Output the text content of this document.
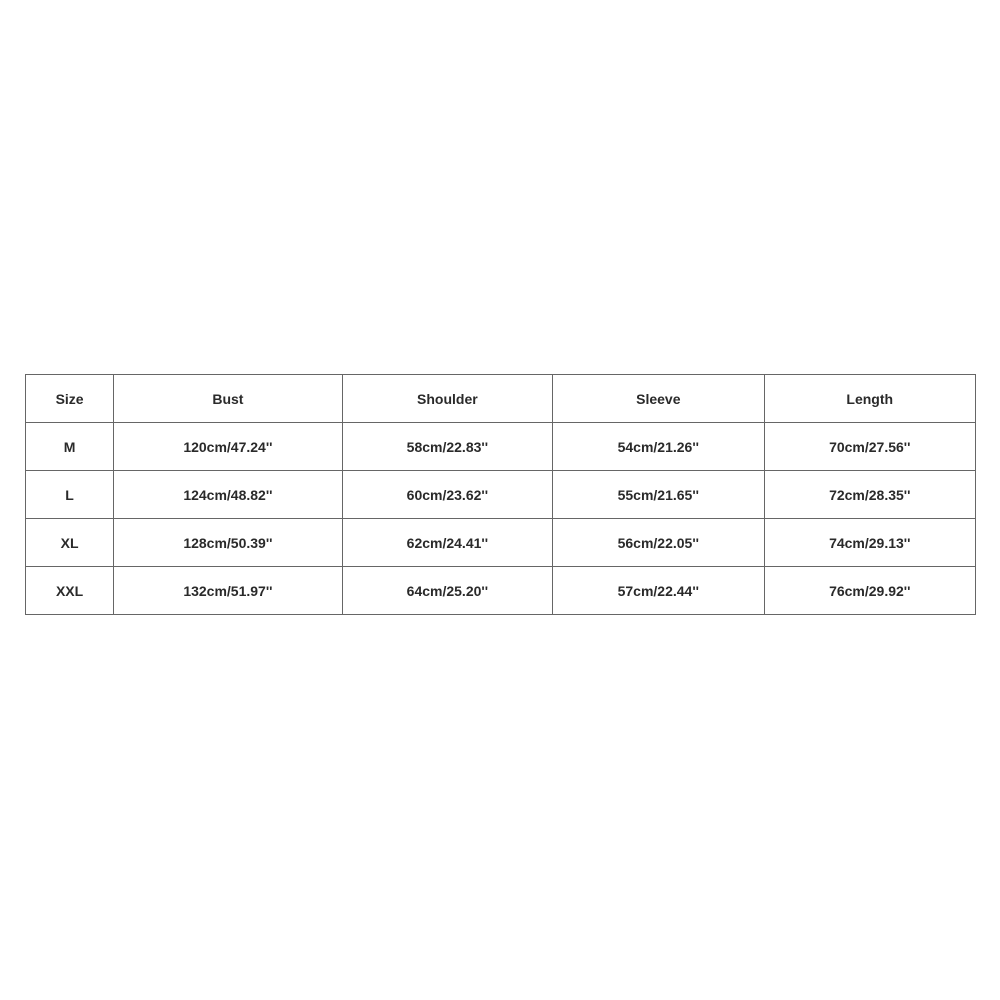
Size	Bust	Shoulder	Sleeve	Length
M	120cm/47.24''	58cm/22.83''	54cm/21.26''	70cm/27.56''
L	124cm/48.82''	60cm/23.62''	55cm/21.65''	72cm/28.35''
XL	128cm/50.39''	62cm/24.41''	56cm/22.05''	74cm/29.13''
XXL	132cm/51.97''	64cm/25.20''	57cm/22.44''	76cm/29.92''
